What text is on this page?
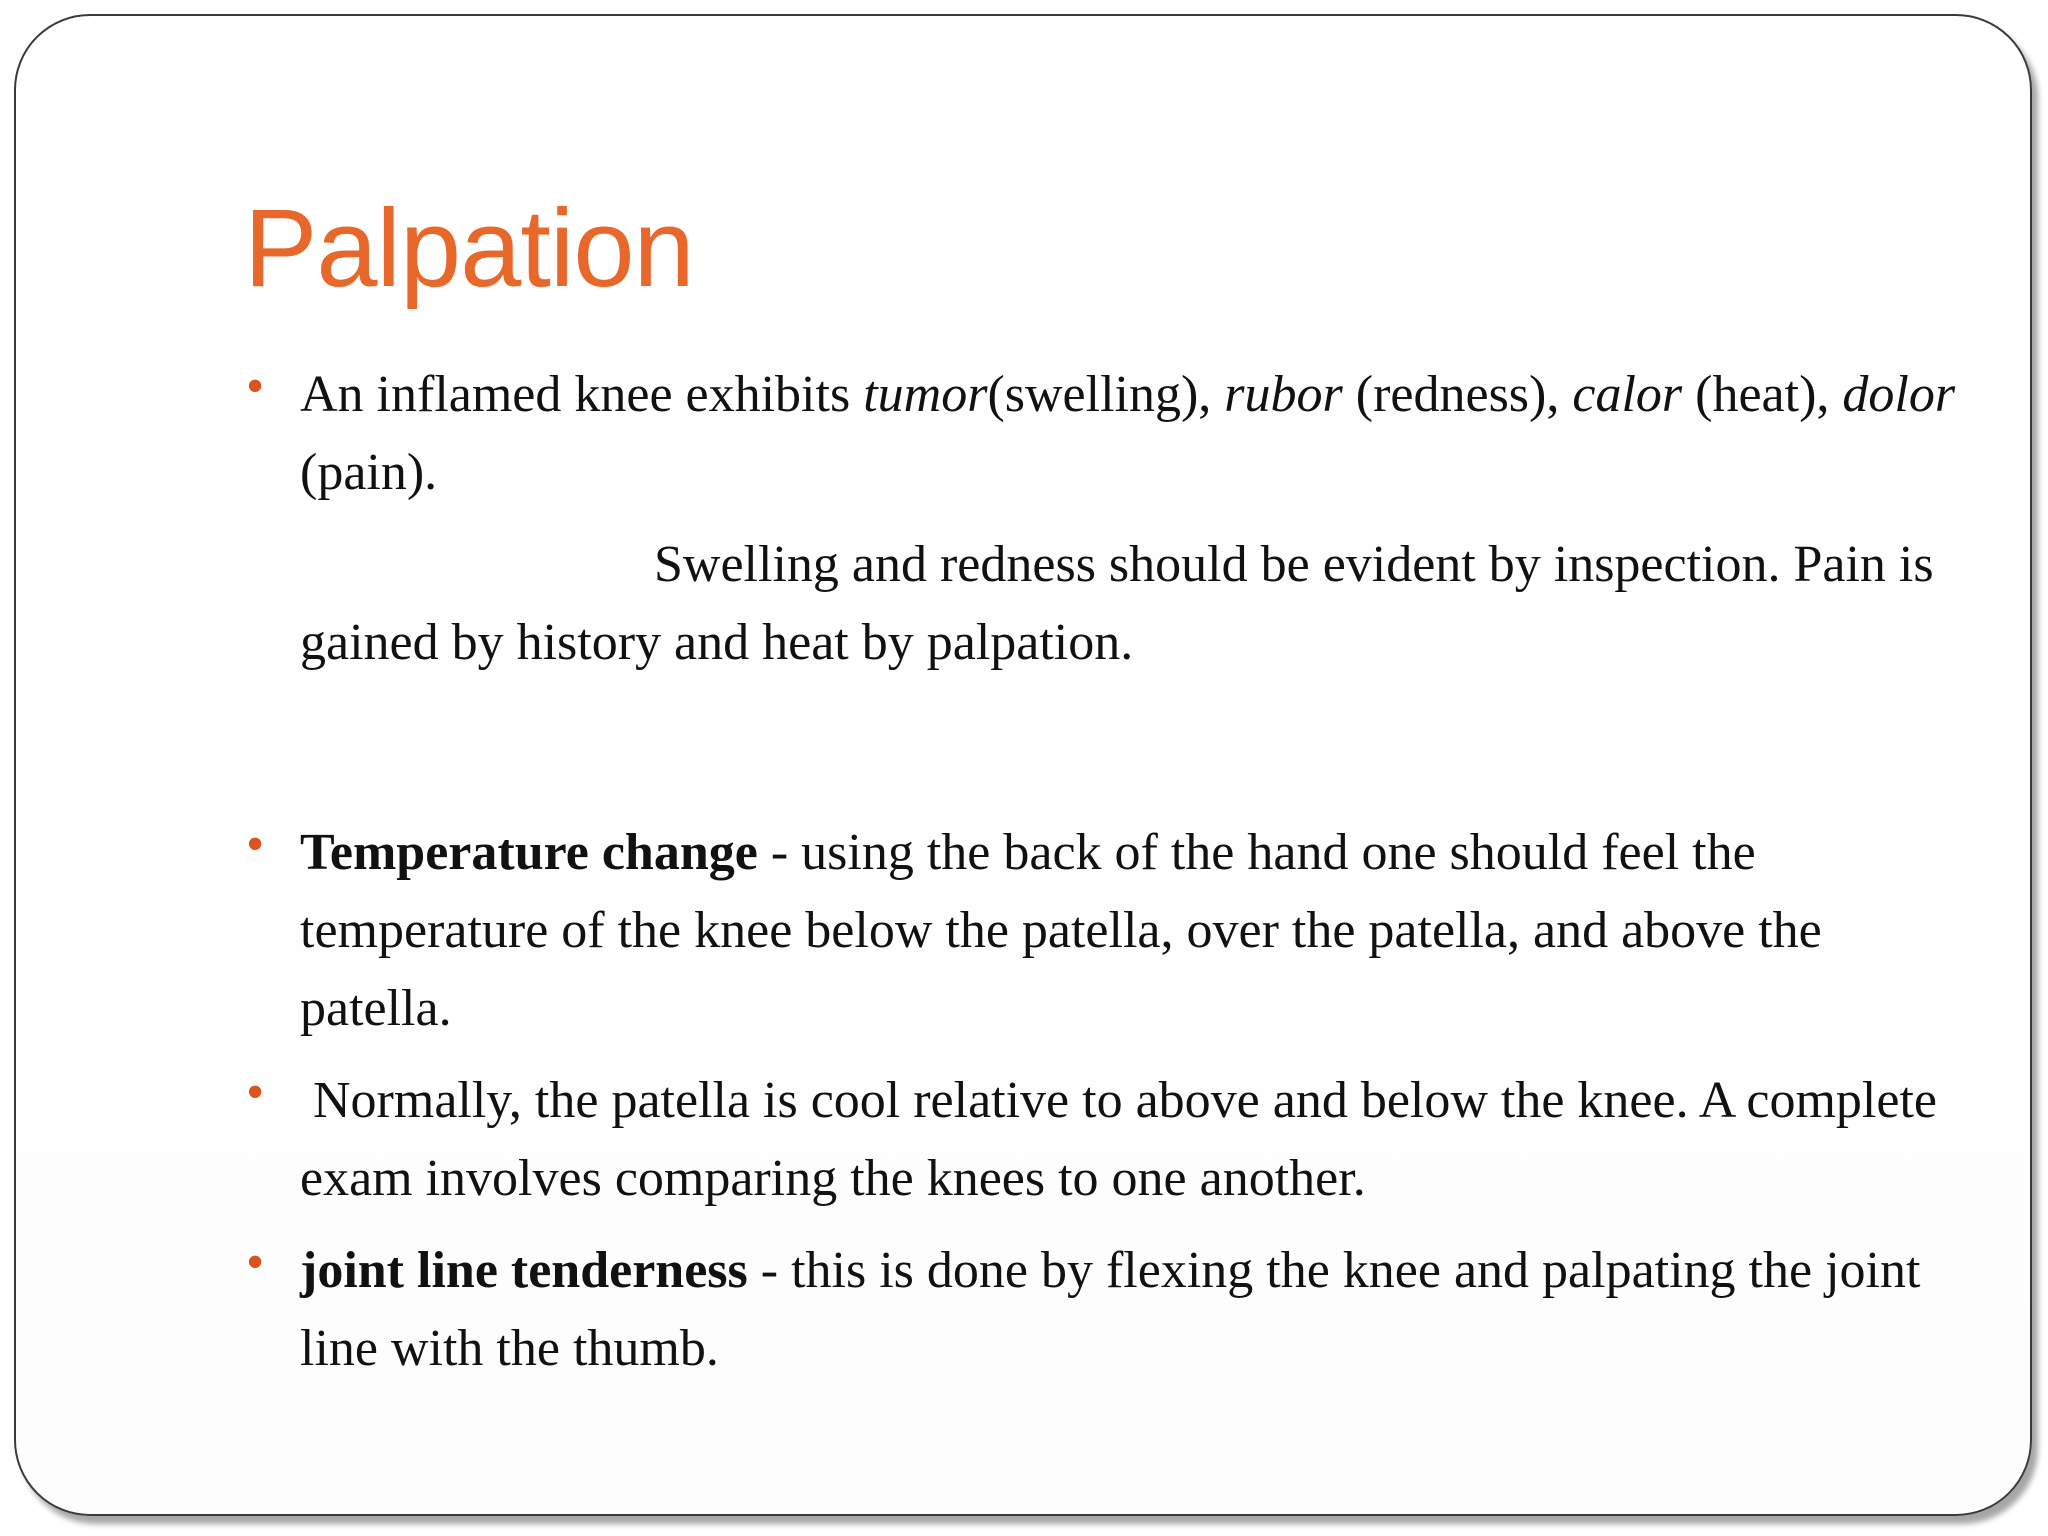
Palpation
• An inflamed knee exhibits tumor(swelling), rubor (redness), calor (heat), dolor (pain).
Swelling and redness should be evident by inspection. Pain is gained by history and heat by palpation.
• Temperature change - using the back of the hand one should feel the temperature of the knee below the patella, over the patella, and above the patella.
• Normally, the patella is cool relative to above and below the knee. A complete exam involves comparing the knees to one another.
• joint line tenderness - this is done by flexing the knee and palpating the joint line with the thumb.
